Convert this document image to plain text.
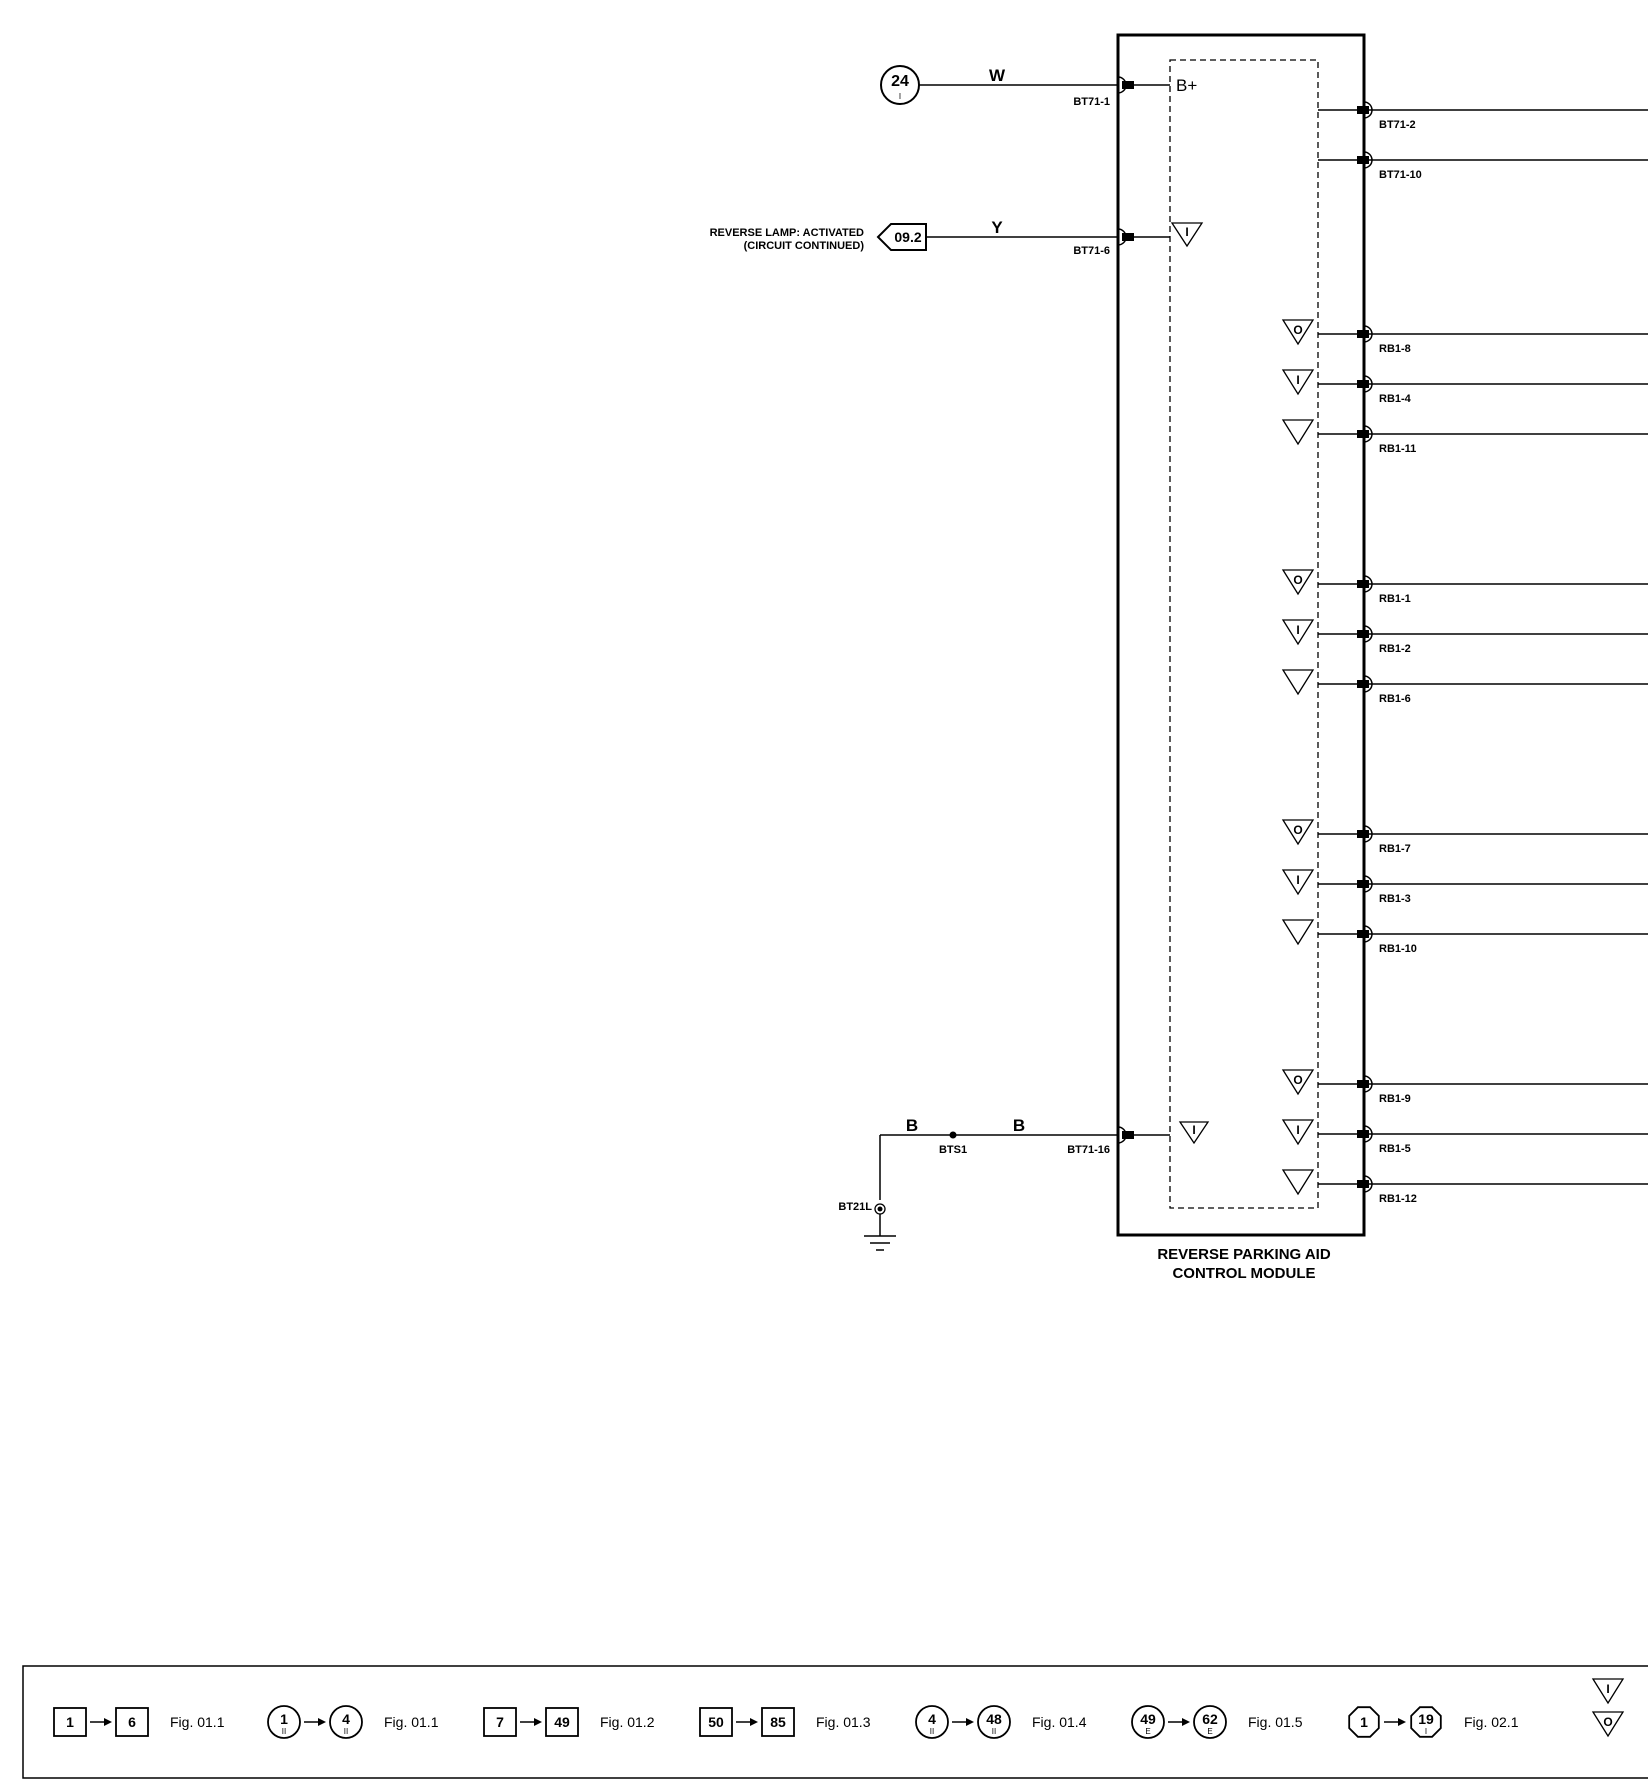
REVERSE PARKING AID
CONTROL MODULE
24
I
W
BT71-1
B+
REVERSE LAMP: ACTIVATED
(CIRCUIT CONTINUED)
09.2	Y
BT71-6
I
B	B
BTS1	BT71-16
I
BT21L
BT71-2
BT71-10
RB1-8
O
RB1-4
I
RB1-11
RB1-1
O
RB1-2
I
RB1-6
RB1-7
O
RB1-3
I
RB1-10
RB1-9
O
RB1-5
I
RB1-12
1	6 Fig. 01.1	1
II
4
II
Fig. 01.1	7	49 Fig. 01.2	50	85 Fig. 01.3	4
II
48
II
Fig. 01.4	49
E
62
E
Fig. 01.5	1	19
I
Fig. 02.1
I
O
